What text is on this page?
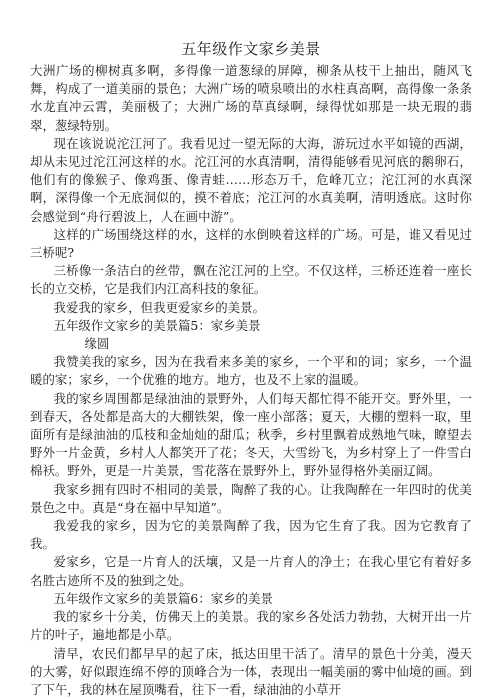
五年级作文家乡美景

大洲广场的柳树真多啊，多得像一道葱绿的屏障，柳条从枝干上抽出，随风飞舞，构成了一道美丽的景色；大洲广场的喷泉喷出的水柱真高啊，高得像一条条水龙直冲云霄，美丽极了；大洲广场的草真绿啊，绿得忧如那是一块无瑕的翡翠，葱绿特别。

现在该说说沱江河了。我看见过一望无际的大海，游玩过水平如镜的西湖，却从未见过沱江河这样的水。沱江河的水真清啊，清得能够看见河底的鹅卵石，他们有的像猴子、像鸡蛋、像青蛙……形态万千，危峰兀立；沱江河的水真深啊，深得像一个无底洞似的，摸不着底；沱江河的水真美啊，清明透底。这时你会感觉到“舟行碧波上，人在画中游”。

这样的广场围绕这样的水，这样的水倒映着这样的广场。可是，谁又看见过三桥呢?

三桥像一条洁白的丝带，飘在沱江河的上空。不仅这样，三桥还连着一座长长的立交桥，它是我们内江高科技的象征。

我爱我的家乡，但我更爱家乡的美景。

五年级作文家乡的美景篇5：家乡美景

缘圆

我赞美我的家乡，因为在我看来多美的家乡，一个平和的词；家乡，一个温暖的家；家乡，一个优雅的地方。地方，也及不上家的温暖。

我的家乡周围都是绿油油的景野外，人们每天都忙得不能开交。野外里，一到春天，各处都是高大的大棚铁架，像一座小部落；夏天，大棚的塑料一取，里面所有是绿油油的瓜枝和金灿灿的甜瓜；秋季，乡村里飘着成熟地气味，瞭望去野外一片金黄，乡村人人都笑开了花；冬天，大雪纷飞，为乡村穿上了一件雪白棉袄。野外，更是一片美景，雪花落在景野外上，野外显得格外美丽辽阔。

我家乡拥有四时不相同的美景，陶醉了我的心。让我陶醉在一年四时的优美景色之中。真是“身在福中早知道”。

我爱我的家乡，因为它的美景陶醉了我，因为它生育了我。因为它教育了我。

爱家乡，它是一片育人的沃壤，又是一片育人的净土；在我心里它有着好多名胜古迹所不及的独到之处。

五年级作文家乡的美景篇6：家乡的美景

我的家乡十分美，仿佛天上的美景。我的家乡各处活力勃勃，大树开出一片片的叶子，遍地都是小草。

清早，农民们都早早的起了床，抵达田里干活了。清早的景色十分美，漫天的大雾，好似跟连绵不停的顶峰合为一体，表现出一幅美丽的雾中仙境的画。到了下午，我的林在屋顶嘴看，往下一看，绿油油的小草开
